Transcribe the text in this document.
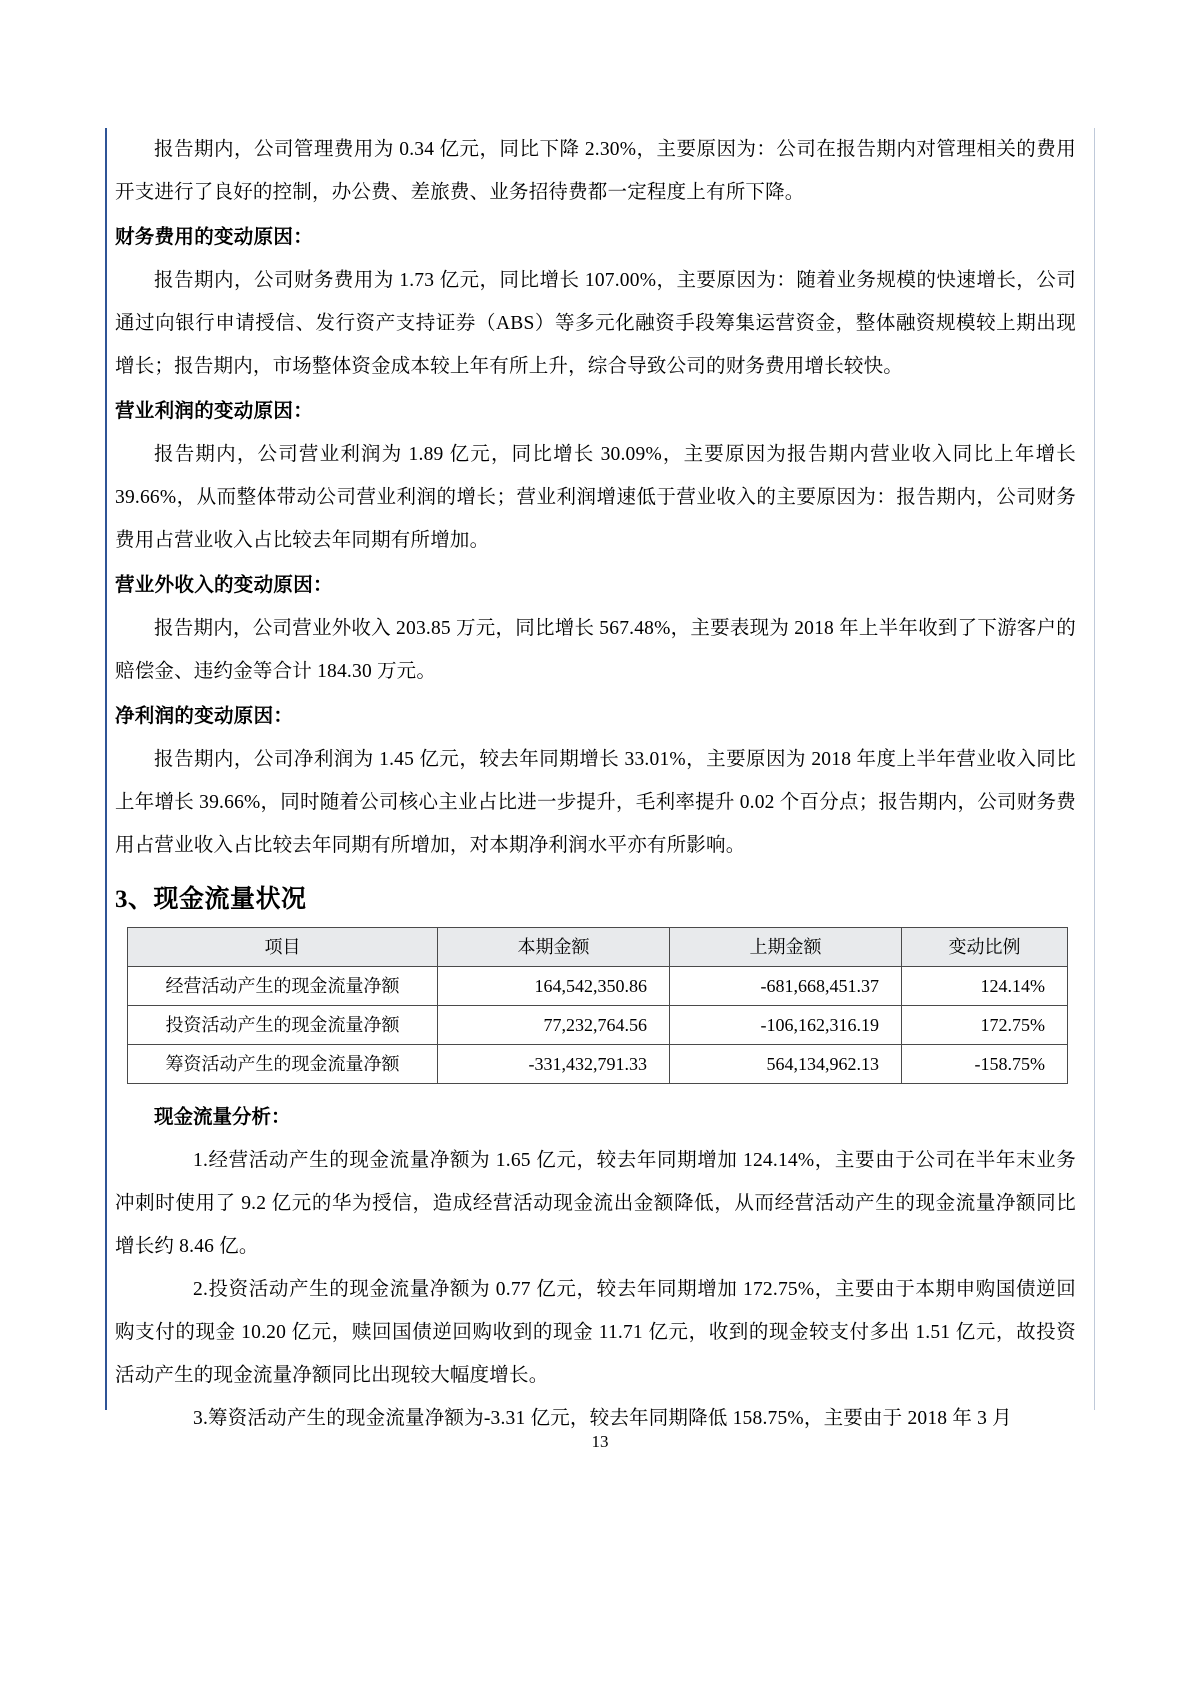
报告期内，公司管理费用为 0.34 亿元，同比下降 2.30%，主要原因为：公司在报告期内对管理相关的费用开支进行了良好的控制，办公费、差旅费、业务招待费都一定程度上有所下降。

财务费用的变动原因：

报告期内，公司财务费用为 1.73 亿元，同比增长 107.00%，主要原因为：随着业务规模的快速增长，公司通过向银行申请授信、发行资产支持证券（ABS）等多元化融资手段筹集运营资金，整体融资规模较上期出现增长；报告期内，市场整体资金成本较上年有所上升，综合导致公司的财务费用增长较快。

营业利润的变动原因：

报告期内，公司营业利润为 1.89 亿元，同比增长 30.09%，主要原因为报告期内营业收入同比上年增长 39.66%，从而整体带动公司营业利润的增长；营业利润增速低于营业收入的主要原因为：报告期内，公司财务费用占营业收入占比较去年同期有所增加。

营业外收入的变动原因：

报告期内，公司营业外收入 203.85 万元，同比增长 567.48%，主要表现为 2018 年上半年收到了下游客户的赔偿金、违约金等合计 184.30 万元。

净利润的变动原因：

报告期内，公司净利润为 1.45 亿元，较去年同期增长 33.01%，主要原因为 2018 年度上半年营业收入同比上年增长 39.66%，同时随着公司核心主业占比进一步提升，毛利率提升 0.02 个百分点；报告期内，公司财务费用占营业收入占比较去年同期有所增加，对本期净利润水平亦有所影响。

3、现金流量状况
项目	本期金额	上期金额	变动比例
经营活动产生的现金流量净额	164,542,350.86	-681,668,451.37	124.14%
投资活动产生的现金流量净额	77,232,764.56	-106,162,316.19	172.75%
筹资活动产生的现金流量净额	-331,432,791.33	564,134,962.13	-158.75%
现金流量分析：

1.经营活动产生的现金流量净额为 1.65 亿元，较去年同期增加 124.14%，主要由于公司在半年末业务冲刺时使用了 9.2 亿元的华为授信，造成经营活动现金流出金额降低，从而经营活动产生的现金流量净额同比增长约 8.46 亿。

2.投资活动产生的现金流量净额为 0.77 亿元，较去年同期增加 172.75%，主要由于本期申购国债逆回购支付的现金 10.20 亿元，赎回国债逆回购收到的现金 11.71 亿元，收到的现金较支付多出 1.51 亿元，故投资活动产生的现金流量净额同比出现较大幅度增长。

3.筹资活动产生的现金流量净额为-3.31 亿元，较去年同期降低 158.75%，主要由于 2018 年 3 月

13
